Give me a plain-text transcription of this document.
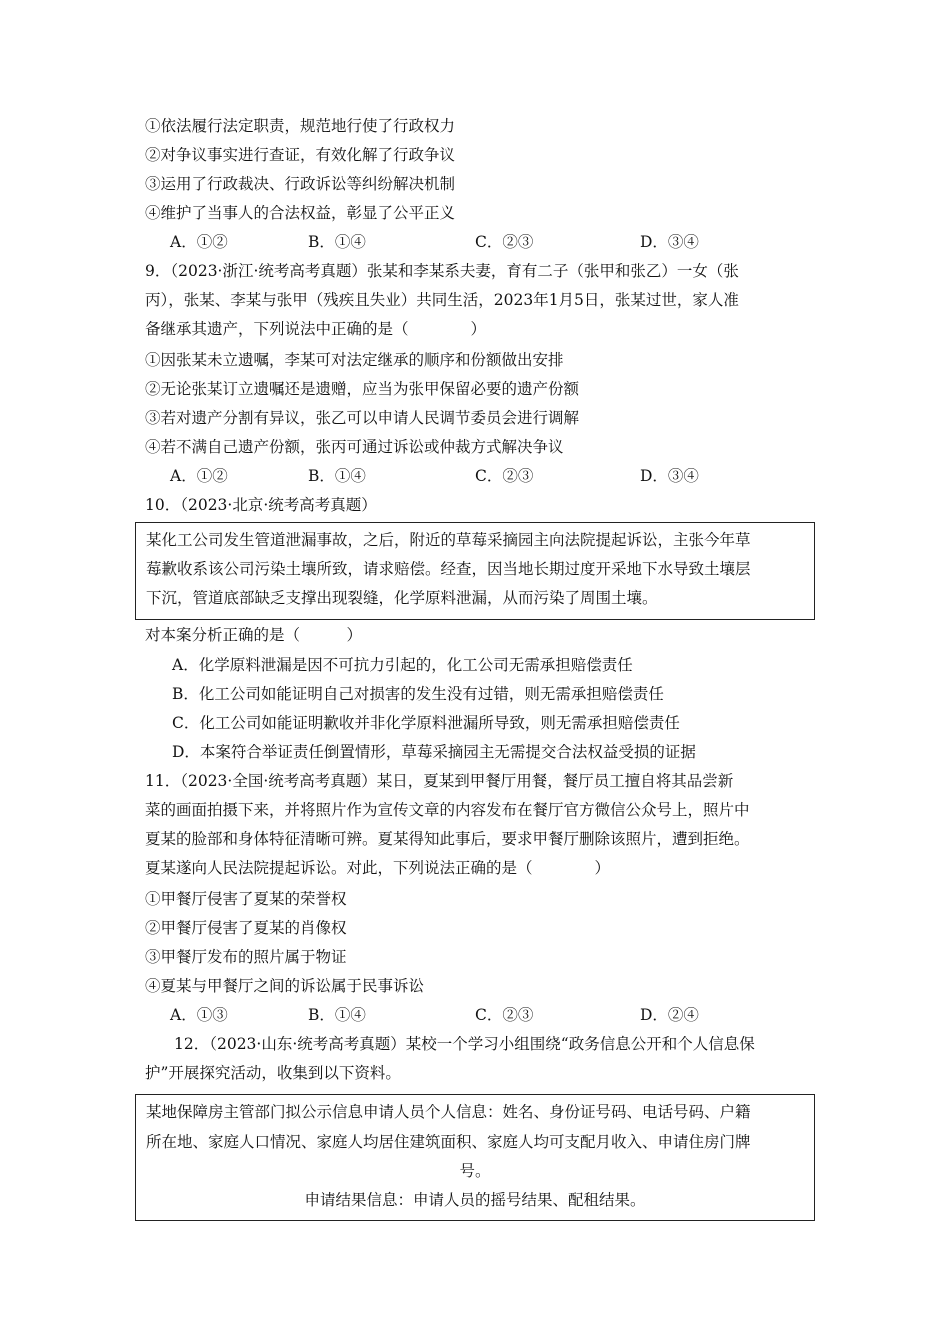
①依法履行法定职责，规范地行使了行政权力
②对争议事实进行查证，有效化解了行政争议
③运用了行政裁决、行政诉讼等纠纷解决机制
④维护了当事人的合法权益，彰显了公平正义
A．①②	B．①④	C．②③	D．③④
9．（2023·浙江·统考高考真题）张某和李某系夫妻，育有二子（张甲和张乙）一女（张
丙），张某、李某与张甲（残疾且失业）共同生活，2023年1月5日，张某过世，家人准
备继承其遗产，下列说法中正确的是（　　　　）
①因张某未立遗嘱，李某可对法定继承的顺序和份额做出安排
②无论张某订立遗嘱还是遗赠，应当为张甲保留必要的遗产份额
③若对遗产分割有异议，张乙可以申请人民调节委员会进行调解
④若不满自己遗产份额，张丙可通过诉讼或仲裁方式解决争议
A．①②	B．①④	C．②③	D．③④
10．（2023·北京·统考高考真题）
某化工公司发生管道泄漏事故，之后，附近的草莓采摘园主向法院提起诉讼，主张今年草
莓歉收系该公司污染土壤所致，请求赔偿。经查，因当地长期过度开采地下水导致土壤层
下沉，管道底部缺乏支撑出现裂缝，化学原料泄漏，从而污染了周围土壤。
对本案分析正确的是（　　　）
A．化学原料泄漏是因不可抗力引起的，化工公司无需承担赔偿责任
B．化工公司如能证明自己对损害的发生没有过错，则无需承担赔偿责任
C．化工公司如能证明歉收并非化学原料泄漏所导致，则无需承担赔偿责任
D．本案符合举证责任倒置情形，草莓采摘园主无需提交合法权益受损的证据
11．（2023·全国·统考高考真题）某日，夏某到甲餐厅用餐，餐厅员工擅自将其品尝新
菜的画面拍摄下来，并将照片作为宣传文章的内容发布在餐厅官方微信公众号上，照片中
夏某的脸部和身体特征清晰可辨。夏某得知此事后，要求甲餐厅删除该照片，遭到拒绝。
夏某遂向人民法院提起诉讼。对此，下列说法正确的是（　　　　）
①甲餐厅侵害了夏某的荣誉权
②甲餐厅侵害了夏某的肖像权
③甲餐厅发布的照片属于物证
④夏某与甲餐厅之间的诉讼属于民事诉讼
A．①③	B．①④	C．②③	D．②④
12．（2023·山东·统考高考真题）某校一个学习小组围绕“政务信息公开和个人信息保
护”开展探究活动，收集到以下资料。
某地保障房主管部门拟公示信息申请人员个人信息：姓名、身份证号码、电话号码、户籍
所在地、家庭人口情况、家庭人均居住建筑面积、家庭人均可支配月收入、申请住房门牌
号。
申请结果信息：申请人员的摇号结果、配租结果。
